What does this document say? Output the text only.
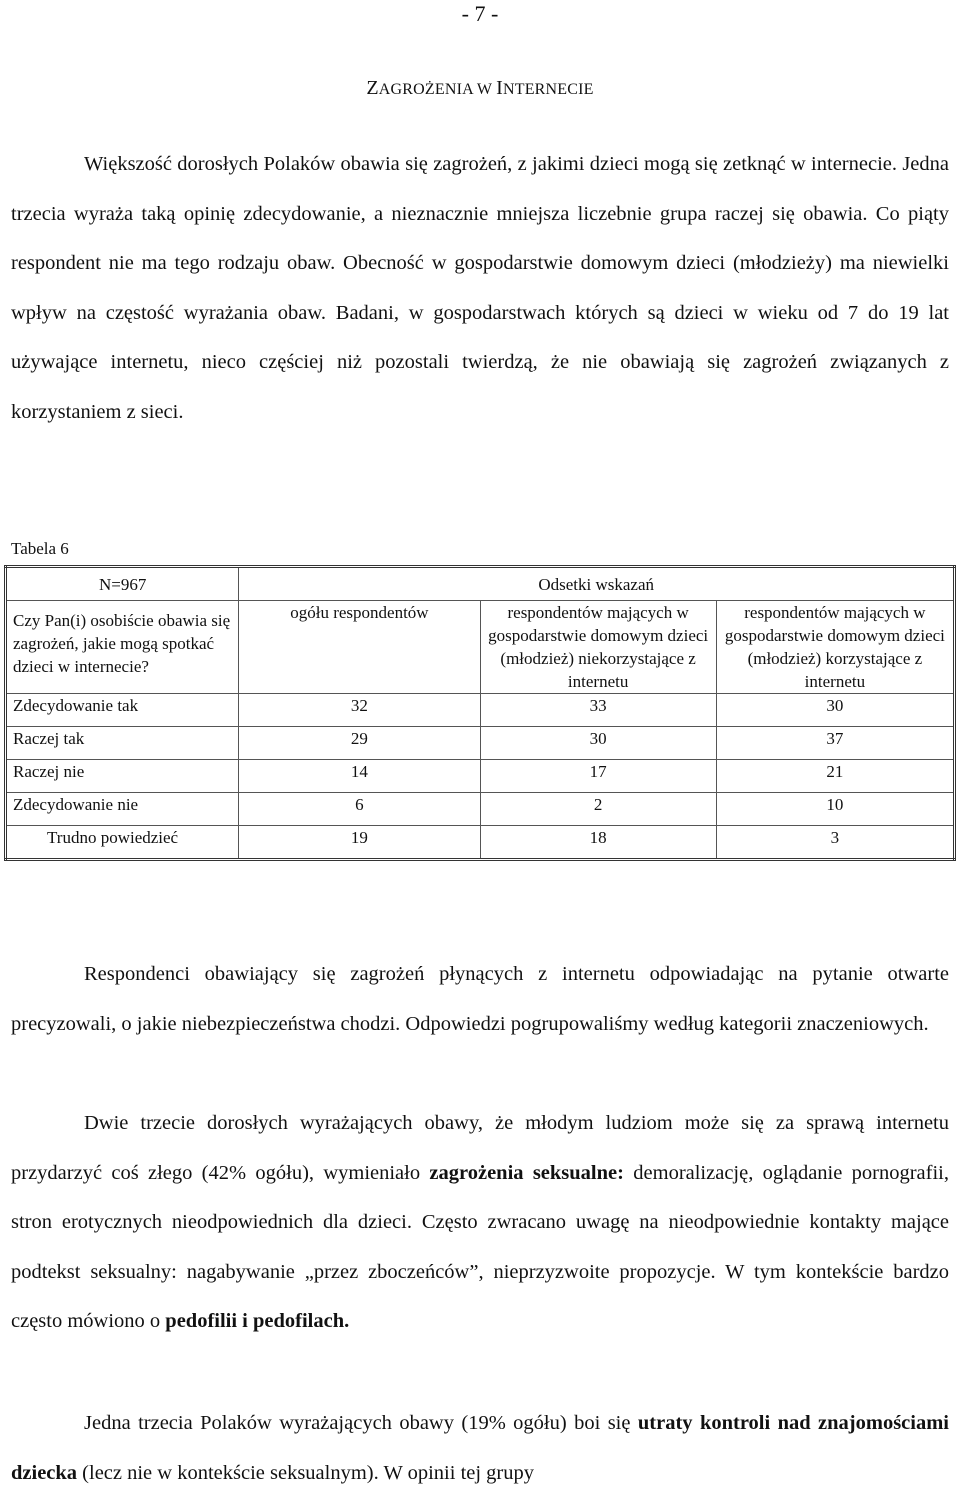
- 7 -
ZAGROŻENIA W INTERNECIE
Większość dorosłych Polaków obawia się zagrożeń, z jakimi dzieci mogą się zetknąć w internecie. Jedna trzecia wyraża taką opinię zdecydowanie, a nieznacznie mniejsza liczebnie grupa raczej się obawia. Co piąty respondent nie ma tego rodzaju obaw. Obecność w gospodarstwie domowym dzieci (młodzieży) ma niewielki wpływ na częstość wyrażania obaw. Badani, w gospodarstwach których są dzieci w wieku od 7 do 19 lat używające internetu, nieco częściej niż pozostali twierdzą, że nie obawiają się zagrożeń związanych z korzystaniem z sieci.
Tabela 6
N=967	Odsetki wskazań		
Czy Pan(i) osobiście obawia się zagrożeń, jakie mogą spotkać dzieci w internecie?	ogółu respondentów	respondentów mających w gospodarstwie domowym dzieci (młodzież) niekorzystające z internetu	respondentów mających w gospodarstwie domowym dzieci (młodzież) korzystające z internetu
Zdecydowanie tak	32	33	30
Raczej tak	29	30	37
Raczej nie	14	17	21
Zdecydowanie nie	6	2	10
Trudno powiedzieć	19	18	3
Respondenci obawiający się zagrożeń płynących z internetu odpowiadając na pytanie otwarte precyzowali, o jakie niebezpieczeństwa chodzi. Odpowiedzi pogrupowaliśmy według kategorii znaczeniowych.
Dwie trzecie dorosłych wyrażających obawy, że młodym ludziom może się za sprawą internetu przydarzyć coś złego (42% ogółu), wymieniało zagrożenia seksualne: demoralizację, oglądanie pornografii, stron erotycznych nieodpowiednich dla dzieci. Często zwracano uwagę na nieodpowiednie kontakty mające podtekst seksualny: nagabywanie „przez zboczeńców”, nieprzyzwoite propozycje. W tym kontekście bardzo często mówiono o pedofilii i pedofilach.
Jedna trzecia Polaków wyrażających obawy (19% ogółu) boi się utraty kontroli nad znajomościami dziecka (lecz nie w kontekście seksualnym). W opinii tej grupy
